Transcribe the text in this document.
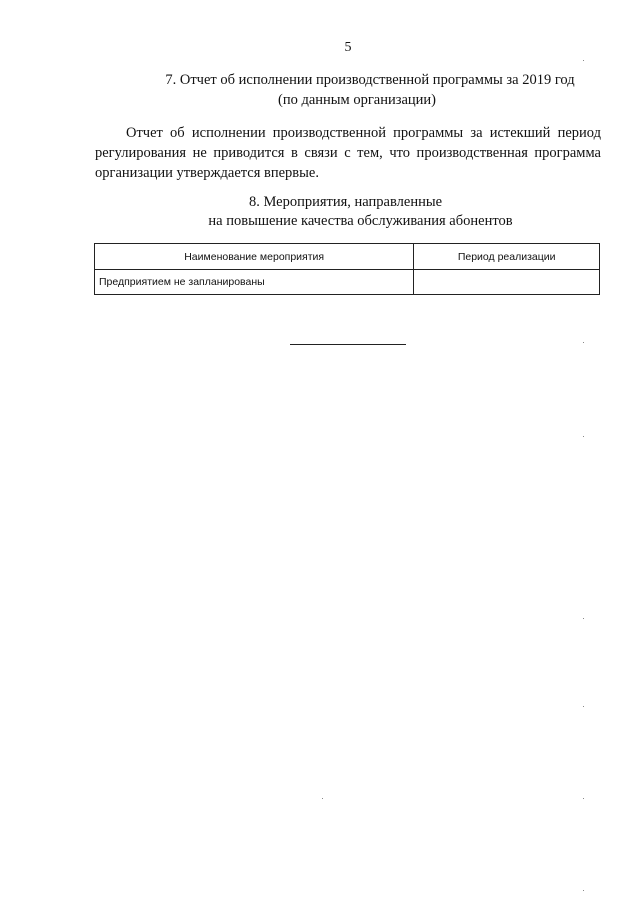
5
7. Отчет об исполнении производственной программы за 2019 год
(по данным организации)

Отчет об исполнении производственной программы за истекший период регулирования не приводится в связи с тем, что производственная программа организации утверждается впервые.

8. Мероприятия, направленные
на повышение качества обслуживания абонентов
Наименование мероприятия	Период реализации
Предприятием не запланированы	
